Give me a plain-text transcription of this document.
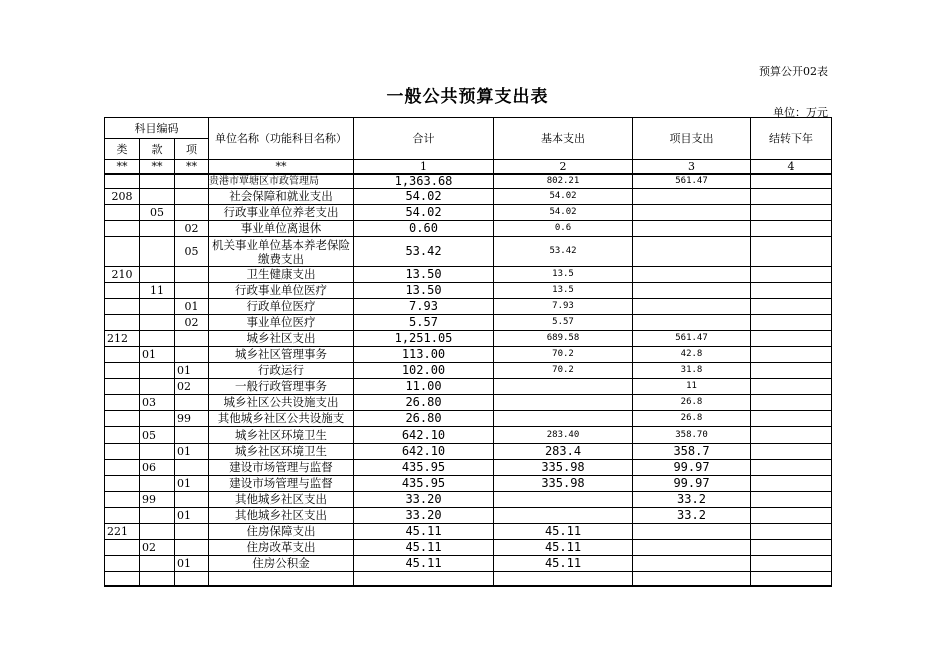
预算公开02表
一般公共预算支出表
单位：万元
科目编码			单位名称（功能科目名称）	合计	基本支出	项目支出	结转下年
类	款	项					
**	**	**	**	1	2	3	4
			贵港市覃塘区市政管理局	1,363.68	802.21	561.47	
208			社会保障和就业支出	54.02	54.02		
	05		行政事业单位养老支出	54.02	54.02		
		02	事业单位离退休	0.60	0.6		
		05	机关事业单位基本养老保险缴费支出	53.42	53.42		
210			卫生健康支出	13.50	13.5		
	11		行政事业单位医疗	13.50	13.5		
		01	行政单位医疗	7.93	7.93		
		02	事业单位医疗	5.57	5.57		
212			城乡社区支出	1,251.05	689.58	561.47	
	01		城乡社区管理事务	113.00	70.2	42.8	
		01	行政运行	102.00	70.2	31.8	
		02	一般行政管理事务	11.00		11	
	03		城乡社区公共设施支出	26.80		26.8	
		99	其他城乡社区公共设施支	26.80		26.8	
	05		城乡社区环境卫生	642.10	283.40	358.70	
		01	城乡社区环境卫生	642.10	283.4	358.7	
	06		建设市场管理与监督	435.95	335.98	99.97	
		01	建设市场管理与监督	435.95	335.98	99.97	
	99		其他城乡社区支出	33.20		33.2	
		01	其他城乡社区支出	33.20		33.2	
221			住房保障支出	45.11	45.11		
	02		住房改革支出	45.11	45.11		
		01	住房公积金	45.11	45.11		
